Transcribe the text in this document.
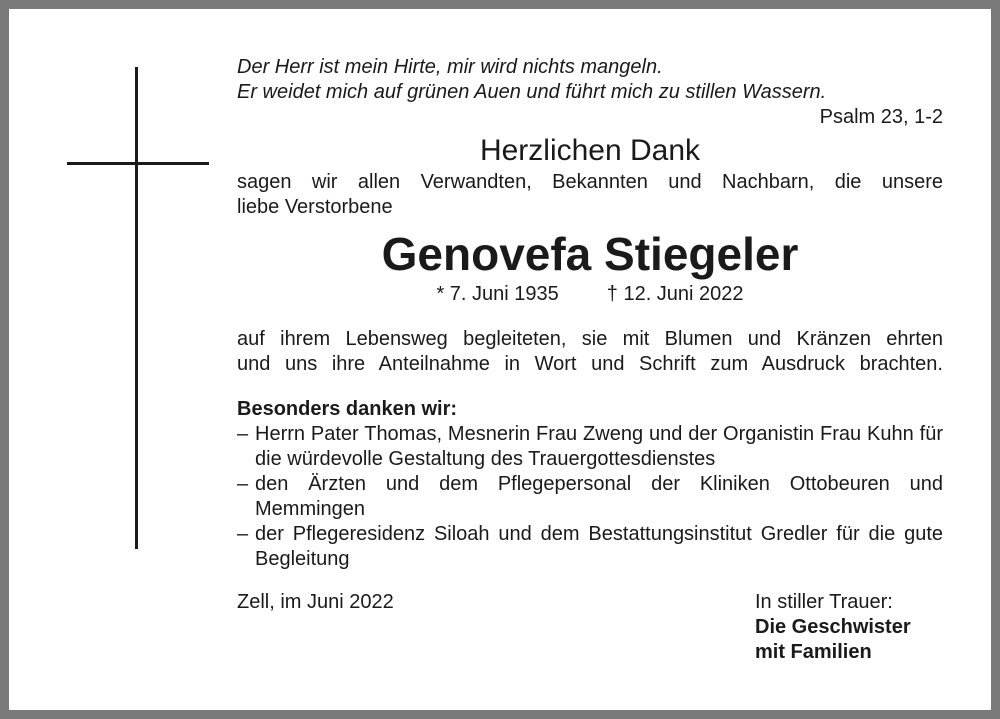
Der Herr ist mein Hirte, mir wird nichts mangeln.
Er weidet mich auf grünen Auen und führt mich zu stillen Wassern.
Psalm 23, 1-2
Herzlichen Dank
sagen wir allen Verwandten, Bekannten und Nachbarn, die unsere
liebe Verstorbene
Genovefa Stiegeler
* 7. Juni 1935 † 12. Juni 2022
auf ihrem Lebensweg begleiteten, sie mit Blumen und Kränzen ehrten
und uns ihre Anteilnahme in Wort und Schrift zum Ausdruck brachten.
Besonders danken wir:
– Herrn Pater Thomas, Mesnerin Frau Zweng und der Organistin Frau Kuhn für die würdevolle Gestaltung des Trauergottesdienstes
– den Ärzten und dem Pflegepersonal der Kliniken Ottobeuren und Memmingen
– der Pflegeresidenz Siloah und dem Bestattungsinstitut Gredler für die gute Begleitung
Zell, im Juni 2022	In stiller Trauer:
Die Geschwister
mit Familien
